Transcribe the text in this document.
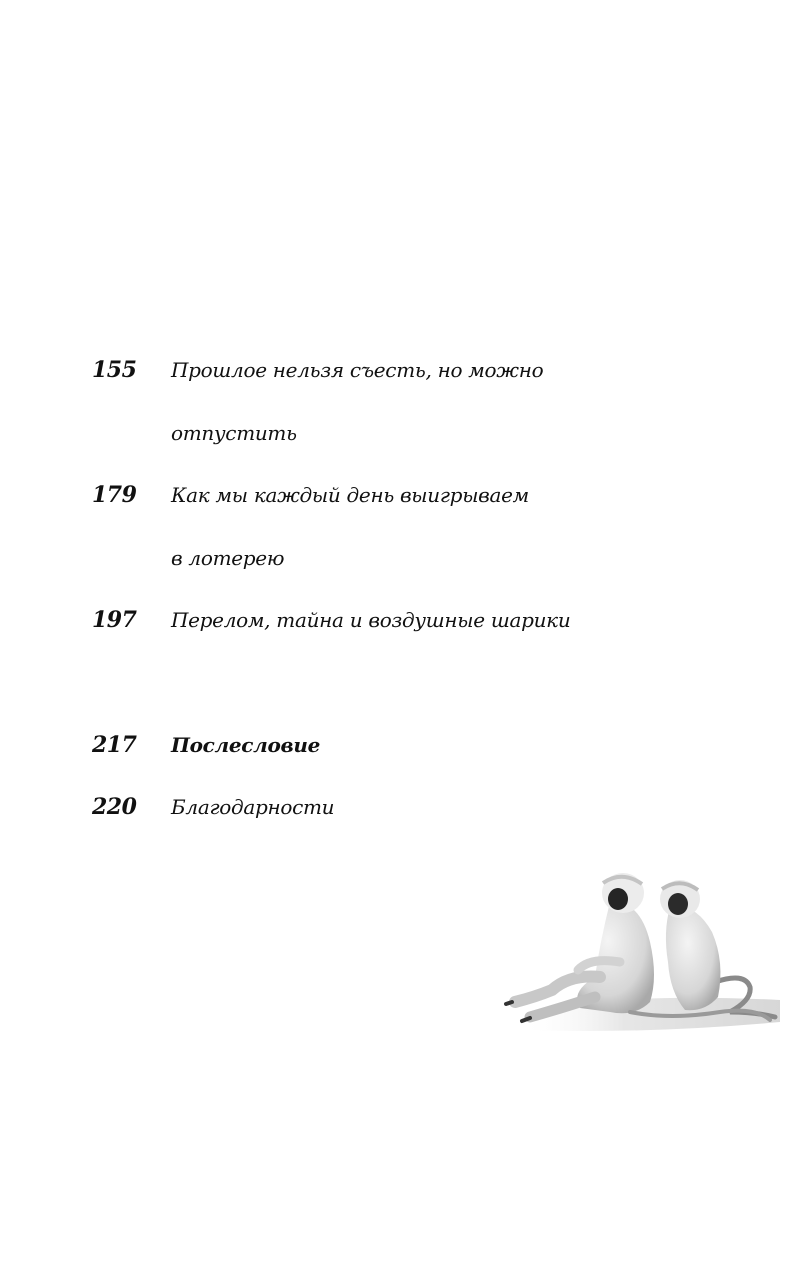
155 Прошлое нельзя съесть, но можно
отпустить
179 Как мы каждый день выигрываем
в лотерею
197 Перелом, тайна и воздушные шарики
217 Послесловие
220 Благодарности
